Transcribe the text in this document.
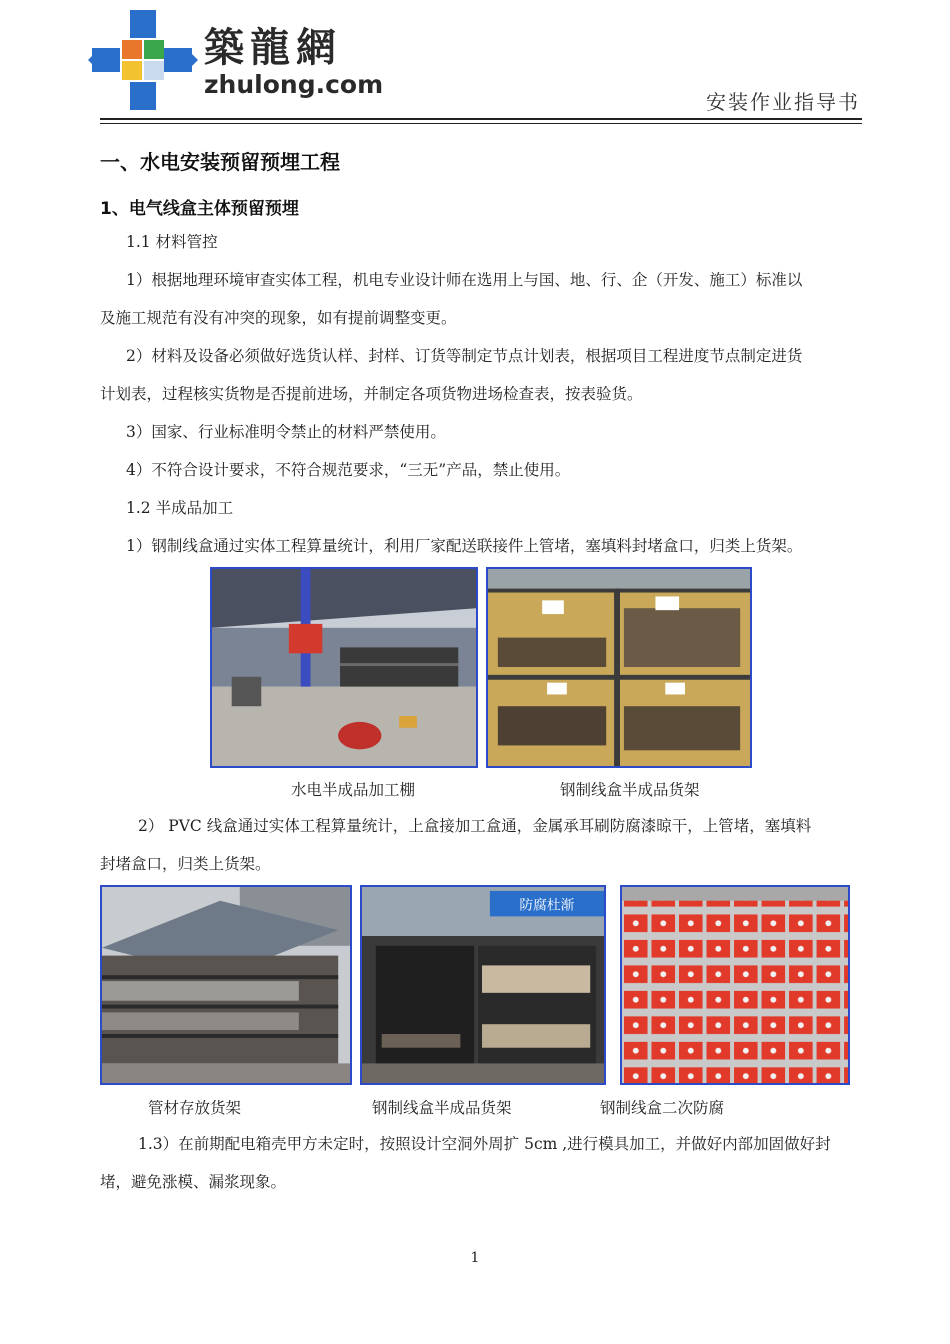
築龍網
zhulong.com
安装作业指导书
一、水电安装预留预埋工程
1、电气线盒主体预留预埋
1.1 材料管控
1）根据地理环境审查实体工程，机电专业设计师在选用上与国、地、行、企（开发、施工）标准以
及施工规范有没有冲突的现象，如有提前调整变更。
2）材料及设备必须做好选货认样、封样、订货等制定节点计划表，根据项目工程进度节点制定进货
计划表，过程核实货物是否提前进场，并制定各项货物进场检查表，按表验货。
3）国家、行业标准明令禁止的材料严禁使用。
4）不符合设计要求，不符合规范要求，“三无”产品，禁止使用。
1.2 半成品加工
1）钢制线盒通过实体工程算量统计，利用厂家配送联接件上管堵，塞填料封堵盒口，归类上货架。
水电半成品加工棚	钢制线盒半成品货架
2） PVC 线盒通过实体工程算量统计，上盒接加工盒通，金属承耳刷防腐漆晾干，上管堵，塞填料
封堵盒口，归类上货架。
防腐杜渐
管材存放货架	钢制线盒半成品货架	钢制线盒二次防腐
1.3）在前期配电箱壳甲方未定时，按照设计空洞外周扩 5cm ,进行模具加工，并做好内部加固做好封
堵，避免涨模、漏浆现象。
1
